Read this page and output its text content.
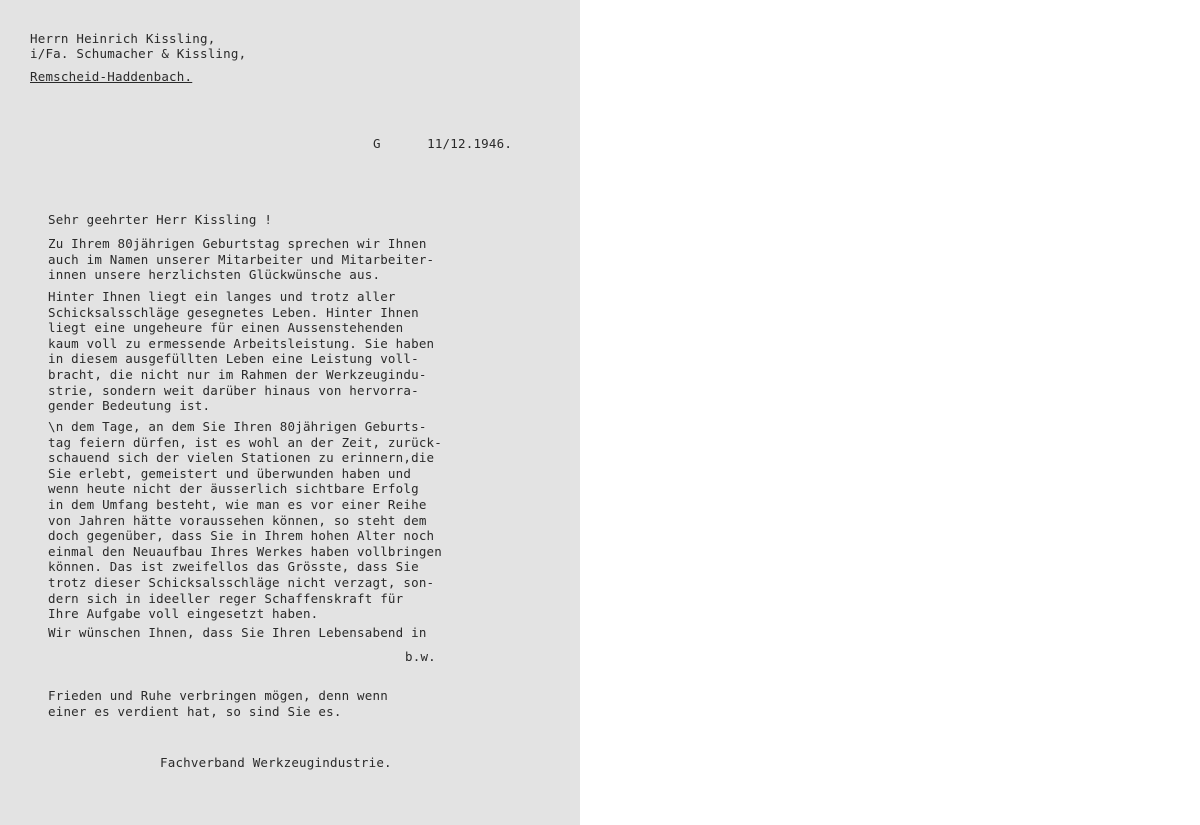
Herrn Heinrich Kissling,
i/Fa. Schumacher & Kissling,
Remscheid-Haddenbach.
G	11/12.1946.
Sehr geehrter Herr Kissling !
Zu Ihrem 80jährigen Geburtstag sprechen wir Ihnen
auch im Namen unserer Mitarbeiter und Mitarbeiter-
innen unsere herzlichsten Glückwünsche aus.
Hinter Ihnen liegt ein langes und trotz aller
Schicksalsschläge gesegnetes Leben. Hinter Ihnen
liegt eine ungeheure für einen Aussenstehenden
kaum voll zu ermessende Arbeitsleistung. Sie haben
in diesem ausgefüllten Leben eine Leistung voll-
bracht, die nicht nur im Rahmen der Werkzeugindu-
strie, sondern weit darüber hinaus von hervorra-
gender Bedeutung ist.
\n dem Tage, an dem Sie Ihren 80jährigen Geburts-
tag feiern dürfen, ist es wohl an der Zeit, zurück-
schauend sich der vielen Stationen zu erinnern,die
Sie erlebt, gemeistert und überwunden haben und
wenn heute nicht der äusserlich sichtbare Erfolg
in dem Umfang besteht, wie man es vor einer Reihe
von Jahren hätte voraussehen können, so steht dem
doch gegenüber, dass Sie in Ihrem hohen Alter noch
einmal den Neuaufbau Ihres Werkes haben vollbringen
können. Das ist zweifellos das Grösste, dass Sie
trotz dieser Schicksalsschläge nicht verzagt, son-
dern sich in ideeller reger Schaffenskraft für
Ihre Aufgabe voll eingesetzt haben.
Wir wünschen Ihnen, dass Sie Ihren Lebensabend in
b.w.
Frieden und Ruhe verbringen mögen, denn wenn
einer es verdient hat, so sind Sie es.
Fachverband Werkzeugindustrie.
